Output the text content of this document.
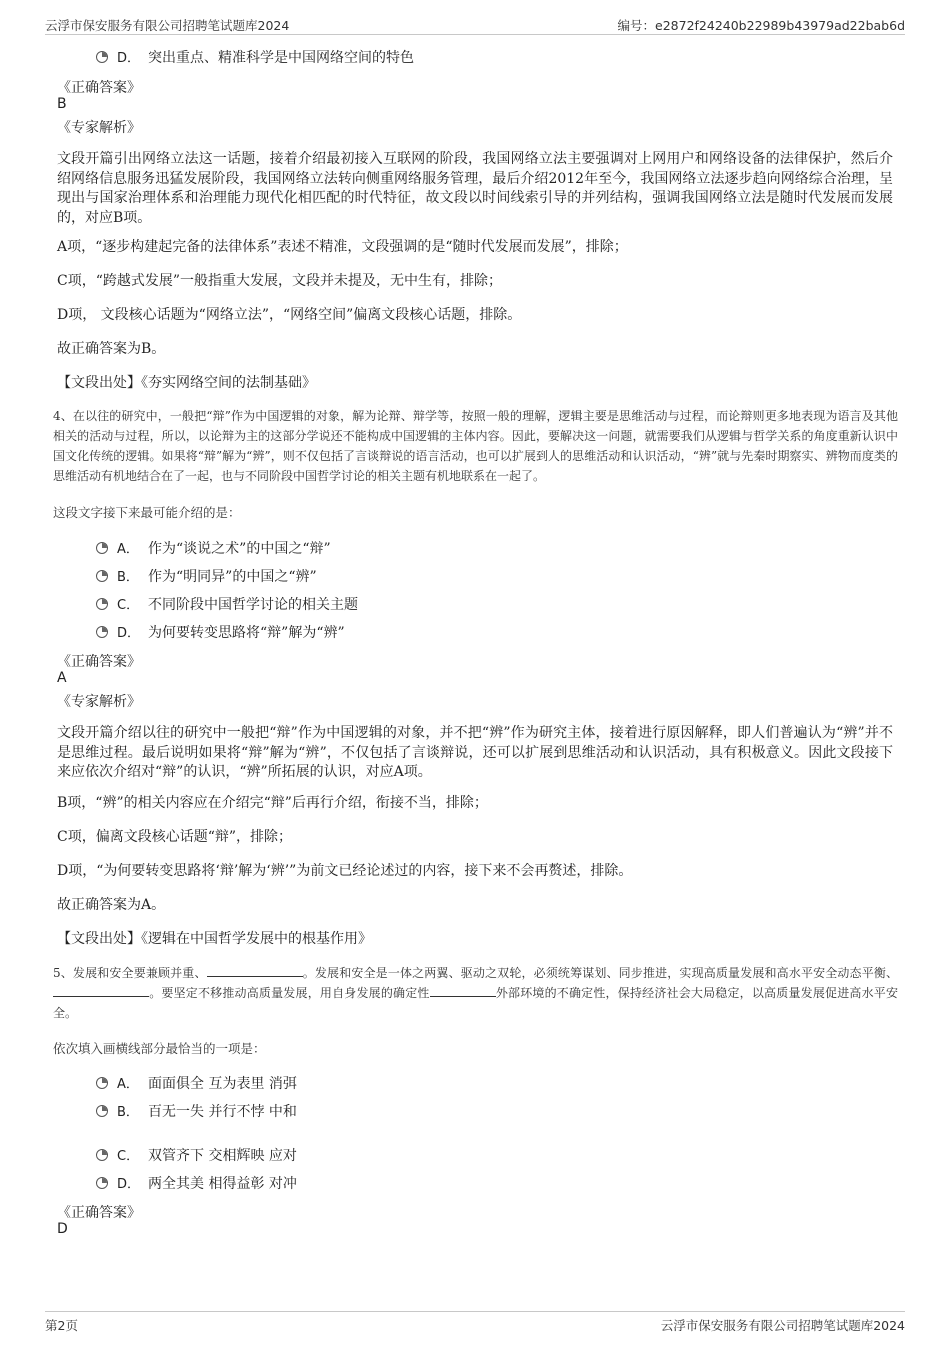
云浮市保安服务有限公司招聘笔试题库2024	编号：e2872f24240b22989b43979ad22bab6d
D． 突出重点、精准科学是中国网络空间的特色
《正确答案》
B
《专家解析》
文段开篇引出网络立法这一话题，接着介绍最初接入互联网的阶段，我国网络立法主要强调对上网用户和网络设备的法律保护，然后介绍网络信息服务迅猛发展阶段，我国网络立法转向侧重网络服务管理，最后介绍2012年至今，我国网络立法逐步趋向网络综合治理，呈现出与国家治理体系和治理能力现代化相匹配的时代特征，故文段以时间线索引导的并列结构，强调我国网络立法是随时代发展而发展的，对应B项。
A项，“逐步构建起完备的法律体系”表述不精准，文段强调的是“随时代发展而发展”，排除；
C项，“跨越式发展”一般指重大发展，文段并未提及，无中生有，排除；
D项， 文段核心话题为“网络立法”，“网络空间”偏离文段核心话题，排除。
故正确答案为B。
【文段出处】《夯实网络空间的法制基础》
4、在以往的研究中，一般把“辩”作为中国逻辑的对象，解为论辩、辩学等，按照一般的理解，逻辑主要是思维活动与过程，而论辩则更多地表现为语言及其他相关的活动与过程，所以，以论辩为主的这部分学说还不能构成中国逻辑的主体内容。因此，要解决这一问题，就需要我们从逻辑与哲学关系的角度重新认识中国文化传统的逻辑。如果将“辩”解为“辨”，则不仅包括了言谈辩说的语言活动，也可以扩展到人的思维活动和认识活动，“辨”就与先秦时期察实、辨物而度类的思维活动有机地结合在了一起，也与不同阶段中国哲学讨论的相关主题有机地联系在一起了。
这段文字接下来最可能介绍的是：
A． 作为“谈说之术”的中国之“辩”
B． 作为“明同异”的中国之“辨”
C． 不同阶段中国哲学讨论的相关主题
D． 为何要转变思路将“辩”解为“辨”
《正确答案》
A
《专家解析》
文段开篇介绍以往的研究中一般把“辩”作为中国逻辑的对象，并不把“辨”作为研究主体，接着进行原因解释，即人们普遍认为“辨”并不是思维过程。最后说明如果将“辩”解为“辨”，不仅包括了言谈辩说，还可以扩展到思维活动和认识活动，具有积极意义。因此文段接下来应依次介绍对“辩”的认识，“辨”所拓展的认识，对应A项。
B项，“辨”的相关内容应在介绍完“辩”后再行介绍，衔接不当，排除；
C项，偏离文段核心话题“辩”，排除；
D项，“为何要转变思路将‘辩’解为‘辨’”为前文已经论述过的内容，接下来不会再赘述，排除。
故正确答案为A。
【文段出处】《逻辑在中国哲学发展中的根基作用》
5、发展和安全要兼顾并重、	。发展和安全是一体之两翼、驱动之双轮，必须统筹谋划、同步推进，实现高质量发展和高水平安全动态平衡、。要坚定不移推动高质量发展，用自身发展的确定性	外部环境的不确定性，保持经济社会大局稳定，以高质量发展促进高水平安全。
依次填入画横线部分最恰当的一项是：
A． 面面俱全 互为表里 消弭
B． 百无一失 并行不悖 中和
C． 双管齐下 交相辉映 应对
D． 两全其美 相得益彰 对冲
《正确答案》
D
第2页	云浮市保安服务有限公司招聘笔试题库2024
